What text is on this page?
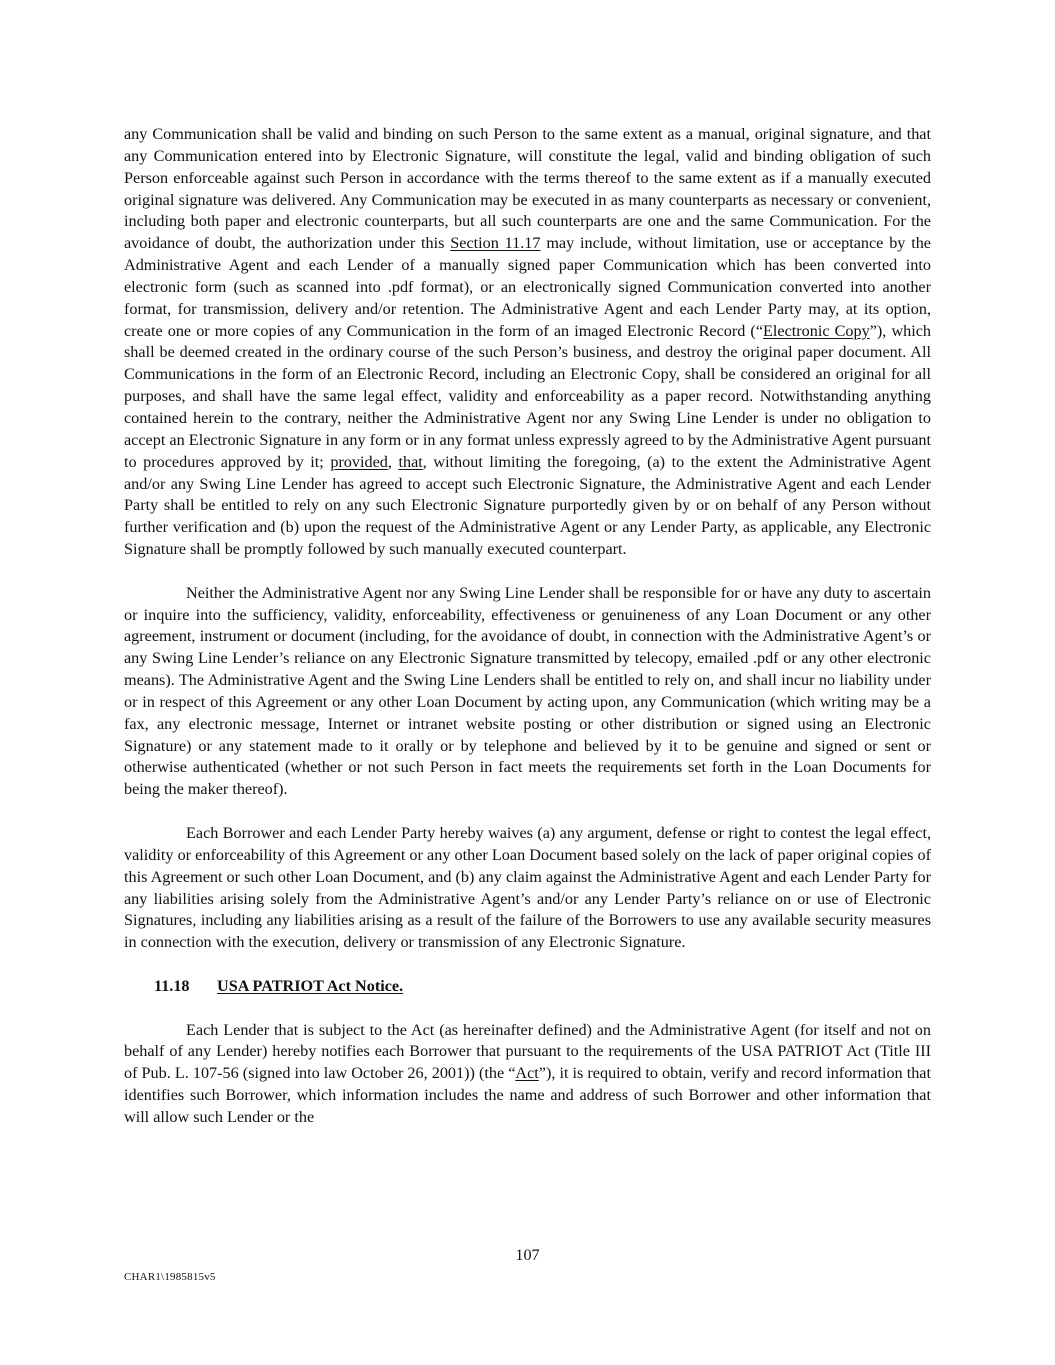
any Communication shall be valid and binding on such Person to the same extent as a manual, original signature, and that any Communication entered into by Electronic Signature, will constitute the legal, valid and binding obligation of such Person enforceable against such Person in accordance with the terms thereof to the same extent as if a manually executed original signature was delivered. Any Communication may be executed in as many counterparts as necessary or convenient, including both paper and electronic counterparts, but all such counterparts are one and the same Communication. For the avoidance of doubt, the authorization under this Section 11.17 may include, without limitation, use or acceptance by the Administrative Agent and each Lender of a manually signed paper Communication which has been converted into electronic form (such as scanned into .pdf format), or an electronically signed Communication converted into another format, for transmission, delivery and/or retention. The Administrative Agent and each Lender Party may, at its option, create one or more copies of any Communication in the form of an imaged Electronic Record (“Electronic Copy”), which shall be deemed created in the ordinary course of the such Person’s business, and destroy the original paper document. All Communications in the form of an Electronic Record, including an Electronic Copy, shall be considered an original for all purposes, and shall have the same legal effect, validity and enforceability as a paper record. Notwithstanding anything contained herein to the contrary, neither the Administrative Agent nor any Swing Line Lender is under no obligation to accept an Electronic Signature in any form or in any format unless expressly agreed to by the Administrative Agent pursuant to procedures approved by it; provided, that, without limiting the foregoing, (a) to the extent the Administrative Agent and/or any Swing Line Lender has agreed to accept such Electronic Signature, the Administrative Agent and each Lender Party shall be entitled to rely on any such Electronic Signature purportedly given by or on behalf of any Person without further verification and (b) upon the request of the Administrative Agent or any Lender Party, as applicable, any Electronic Signature shall be promptly followed by such manually executed counterpart.

Neither the Administrative Agent nor any Swing Line Lender shall be responsible for or have any duty to ascertain or inquire into the sufficiency, validity, enforceability, effectiveness or genuineness of any Loan Document or any other agreement, instrument or document (including, for the avoidance of doubt, in connection with the Administrative Agent’s or any Swing Line Lender’s reliance on any Electronic Signature transmitted by telecopy, emailed .pdf or any other electronic means). The Administrative Agent and the Swing Line Lenders shall be entitled to rely on, and shall incur no liability under or in respect of this Agreement or any other Loan Document by acting upon, any Communication (which writing may be a fax, any electronic message, Internet or intranet website posting or other distribution or signed using an Electronic Signature) or any statement made to it orally or by telephone and believed by it to be genuine and signed or sent or otherwise authenticated (whether or not such Person in fact meets the requirements set forth in the Loan Documents for being the maker thereof).

Each Borrower and each Lender Party hereby waives (a) any argument, defense or right to contest the legal effect, validity or enforceability of this Agreement or any other Loan Document based solely on the lack of paper original copies of this Agreement or such other Loan Document, and (b) any claim against the Administrative Agent and each Lender Party for any liabilities arising solely from the Administrative Agent’s and/or any Lender Party’s reliance on or use of Electronic Signatures, including any liabilities arising as a result of the failure of the Borrowers to use any available security measures in connection with the execution, delivery or transmission of any Electronic Signature.

11.18 USA PATRIOT Act Notice.

Each Lender that is subject to the Act (as hereinafter defined) and the Administrative Agent (for itself and not on behalf of any Lender) hereby notifies each Borrower that pursuant to the requirements of the USA PATRIOT Act (Title III of Pub. L. 107-56 (signed into law October 26, 2001)) (the “Act”), it is required to obtain, verify and record information that identifies such Borrower, which information includes the name and address of such Borrower and other information that will allow such Lender or the

107
CHAR1\1985815v5
